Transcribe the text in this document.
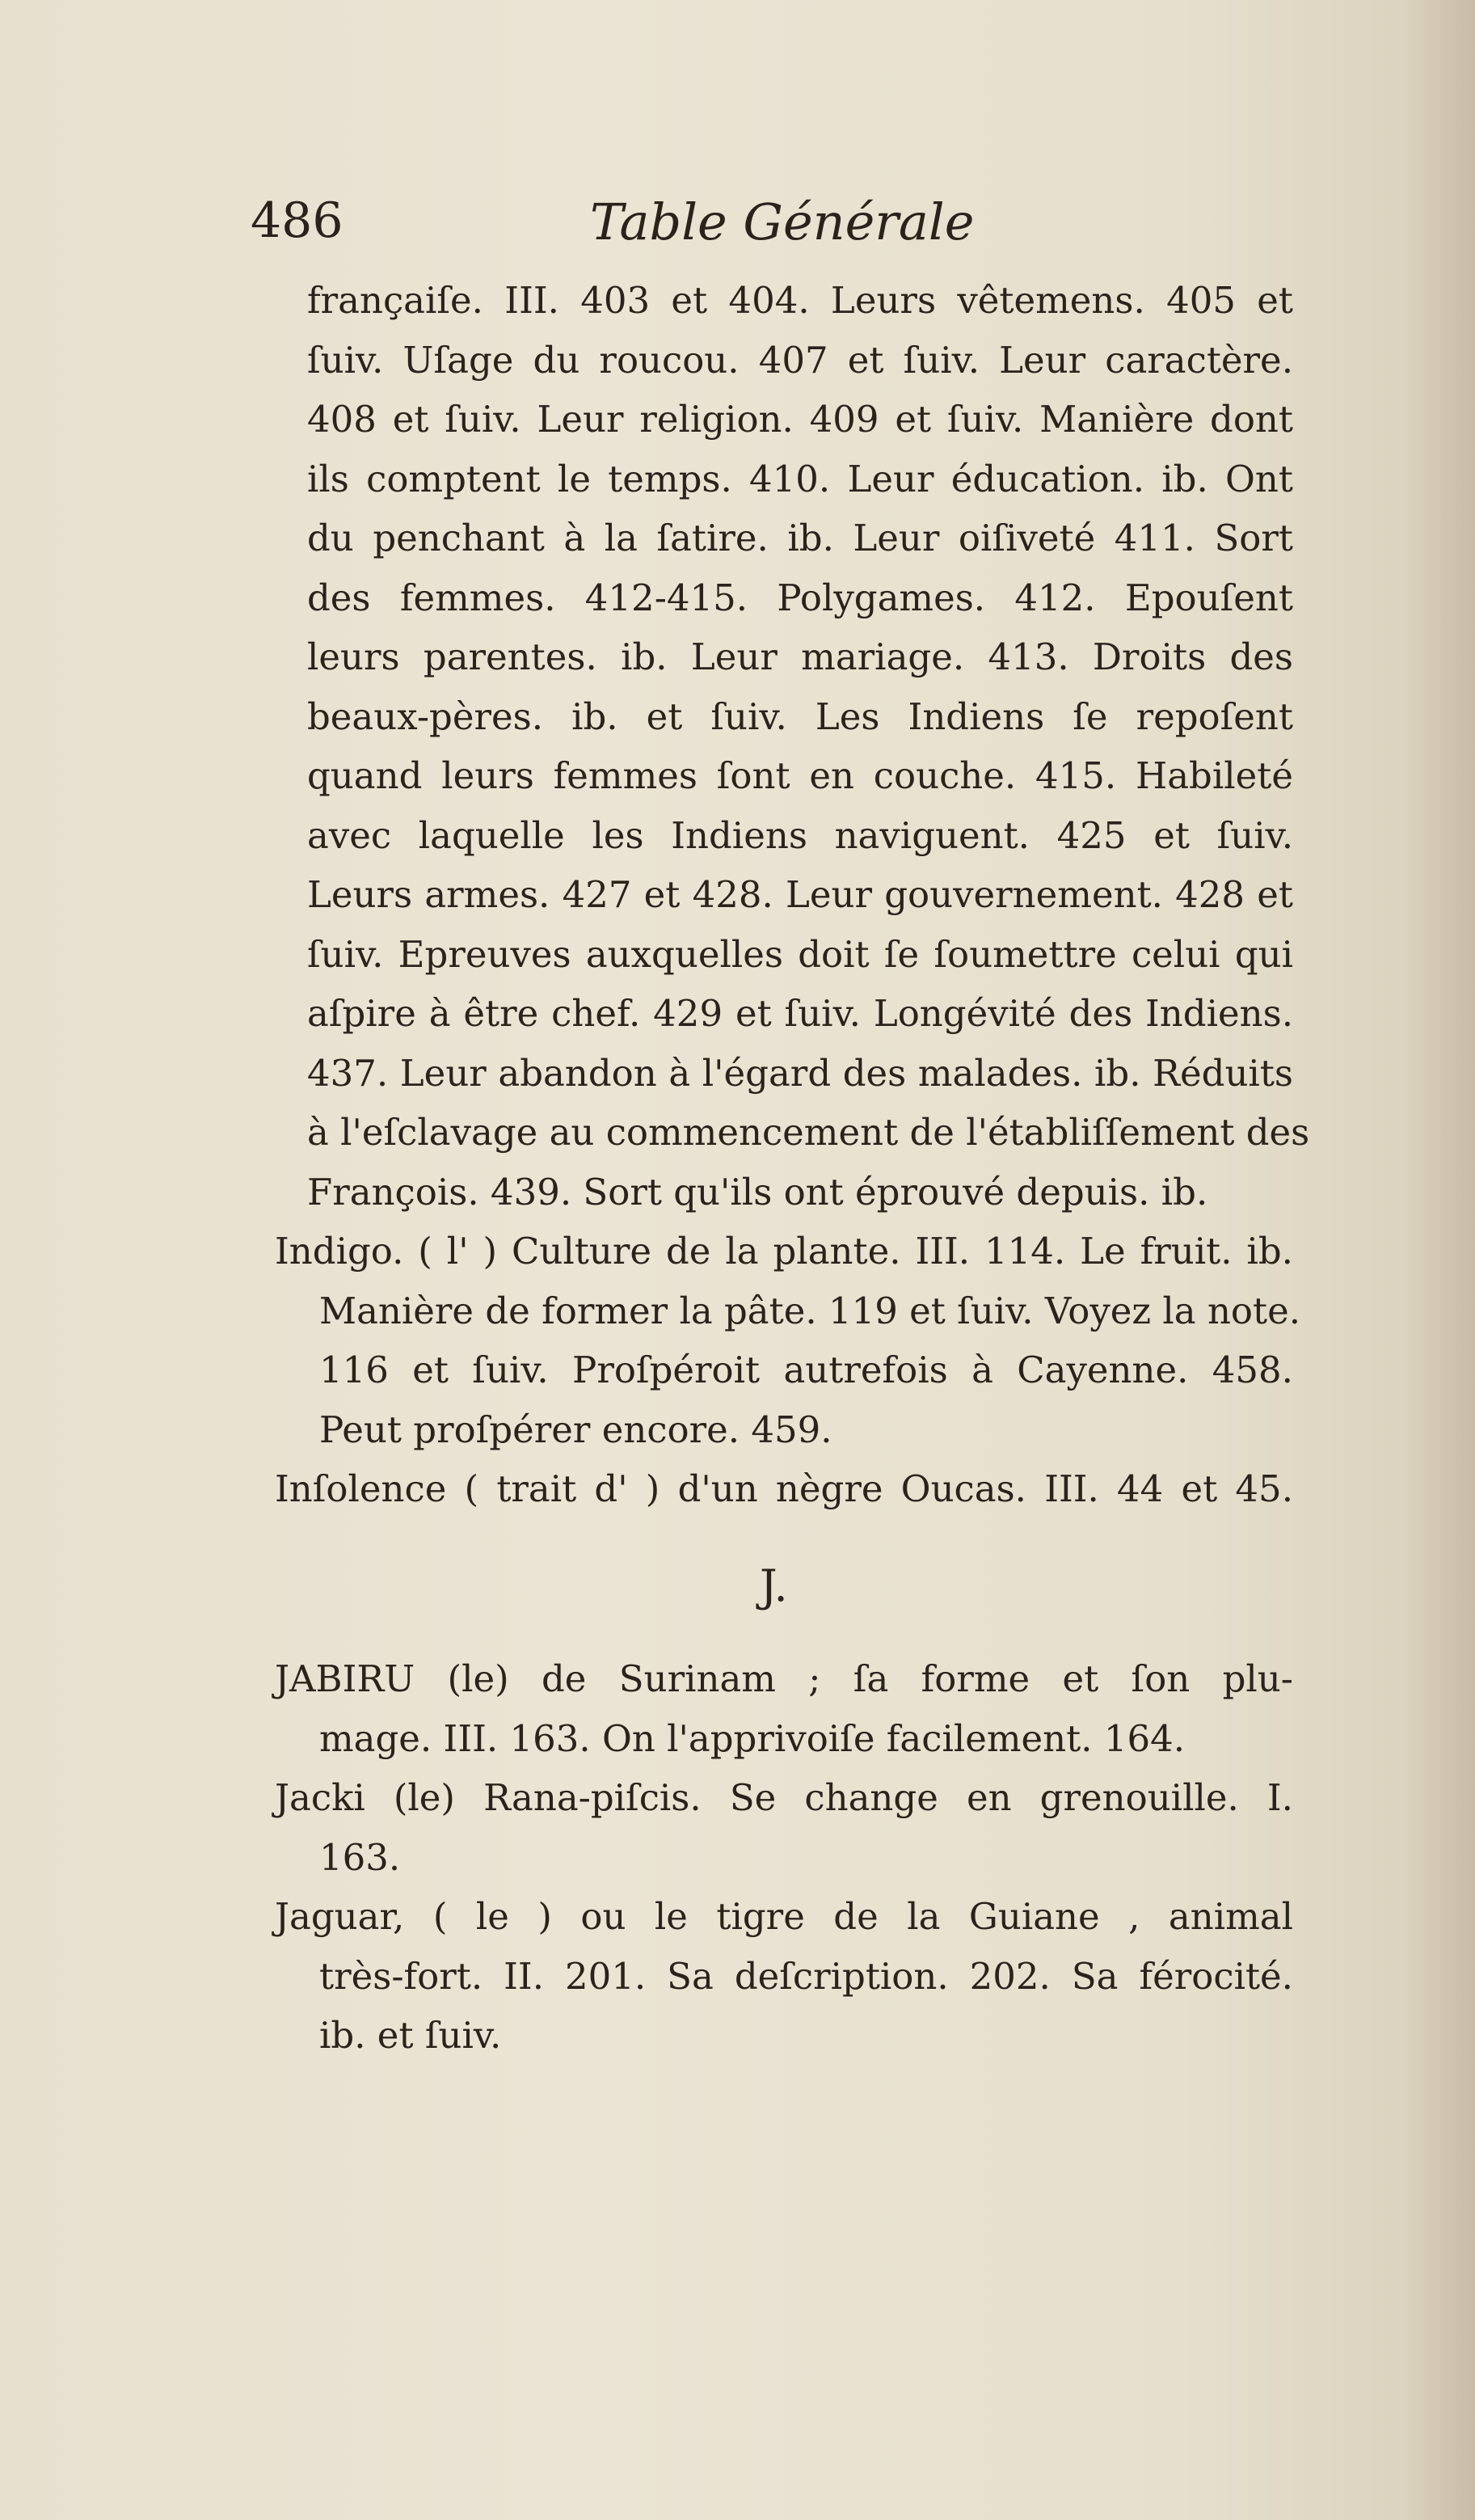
486	Table Générale
françaiſe. III. 403 et 404. Leurs vêtemens. 405 et
ſuiv. Uſage du roucou. 407 et ſuiv. Leur caractère.
408 et ſuiv. Leur religion. 409 et ſuiv. Manière dont
ils comptent le temps. 410. Leur éducation. ib. Ont
du penchant à la ſatire. ib. Leur oiſiveté 411. Sort
des femmes. 412-415. Polygames. 412. Epouſent
leurs parentes. ib. Leur mariage. 413. Droits des
beaux-pères. ib. et ſuiv. Les Indiens ſe repoſent
quand leurs femmes ſont en couche. 415. Habileté
avec laquelle les Indiens naviguent. 425 et ſuiv.
Leurs armes. 427 et 428. Leur gouvernement. 428 et
ſuiv. Epreuves auxquelles doit ſe ſoumettre celui qui
aſpire à être chef. 429 et ſuiv. Longévité des Indiens.
437. Leur abandon à l'égard des malades. ib. Réduits
à l'eſclavage au commencement de l'établiſſement des
François. 439. Sort qu'ils ont éprouvé depuis. ib.
Indigo. ( l' ) Culture de la plante. III. 114. Le fruit. ib.
Manière de former la pâte. 119 et ſuiv. Voyez la note.
116 et ſuiv. Proſpéroit autrefois à Cayenne. 458.
Peut proſpérer encore. 459.
Inſolence ( trait d' ) d'un nègre Oucas. III. 44 et 45.
J.
JABIRU (le) de Surinam ; ſa forme et ſon plu-
mage. III. 163. On l'apprivoiſe facilement. 164.
Jacki (le) Rana-piſcis. Se change en grenouille. I.
163.
Jaguar, ( le ) ou le tigre de la Guiane , animal
très-fort. II. 201. Sa deſcription. 202. Sa férocité.
ib. et ſuiv.
